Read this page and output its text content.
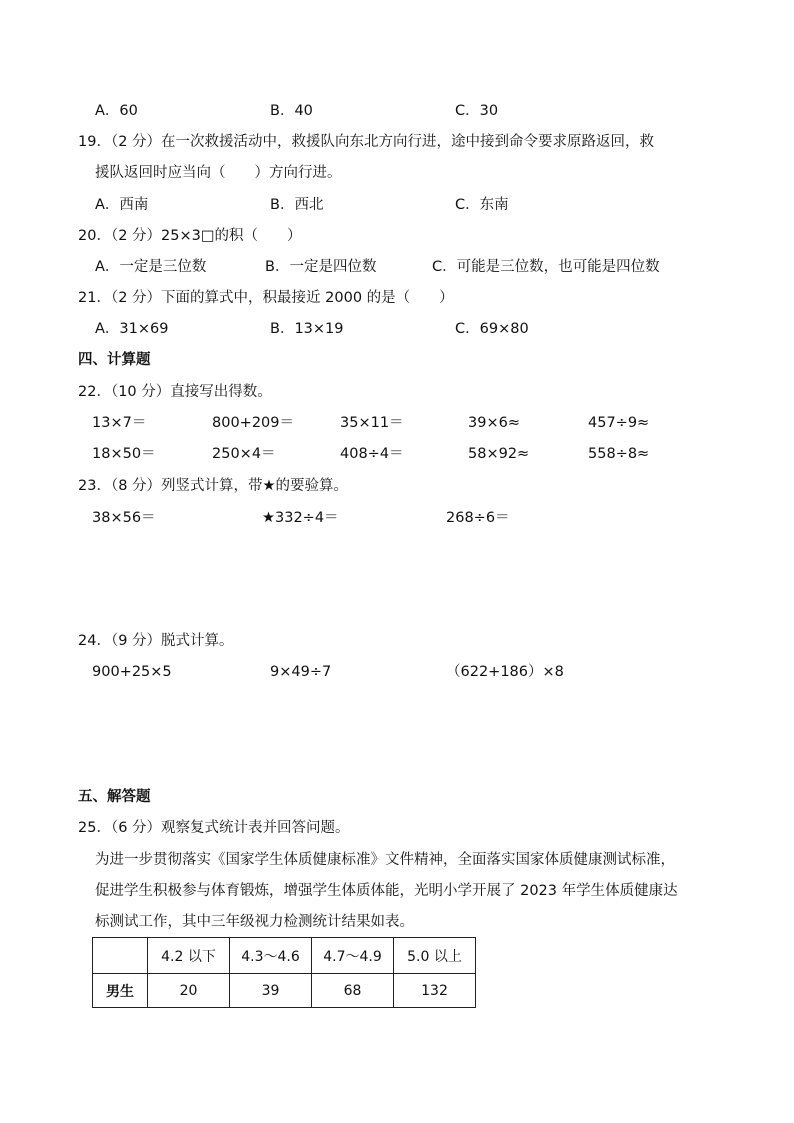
A．60	B．40	C．30
19．（2 分）在一次救援活动中，救援队向东北方向行进，途中接到命令要求原路返回，救
援队返回时应当向（　　）方向行进。
A．西南	B．西北	C．东南
20．（2 分）25×3□的积（　　）
A．一定是三位数	B．一定是四位数	C．可能是三位数，也可能是四位数
21．（2 分）下面的算式中，积最接近 2000 的是（　　）
A．31×69	B．13×19	C．69×80
四、计算题
22．（10 分）直接写出得数。
13×7＝	800+209＝	35×11＝	39×6≈	457÷9≈
18×50＝	250×4＝	408÷4＝	58×92≈	558÷8≈
23．（8 分）列竖式计算，带★的要验算。
38×56＝	★332÷4＝	268÷6＝
24．（9 分）脱式计算。
900+25×5	9×49÷7	（622+186）×8
五、解答题
25．（6 分）观察复式统计表并回答问题。
为进一步贯彻落实《国家学生体质健康标准》文件精神，全面落实国家体质健康测试标准，
促进学生积极参与体育锻炼，增强学生体质体能，光明小学开展了 2023 年学生体质健康达
标测试工作，其中三年级视力检测统计结果如表。
	4.2 以下	4.3～4.6	4.7～4.9	5.0 以上
男生	20	39	68	132
